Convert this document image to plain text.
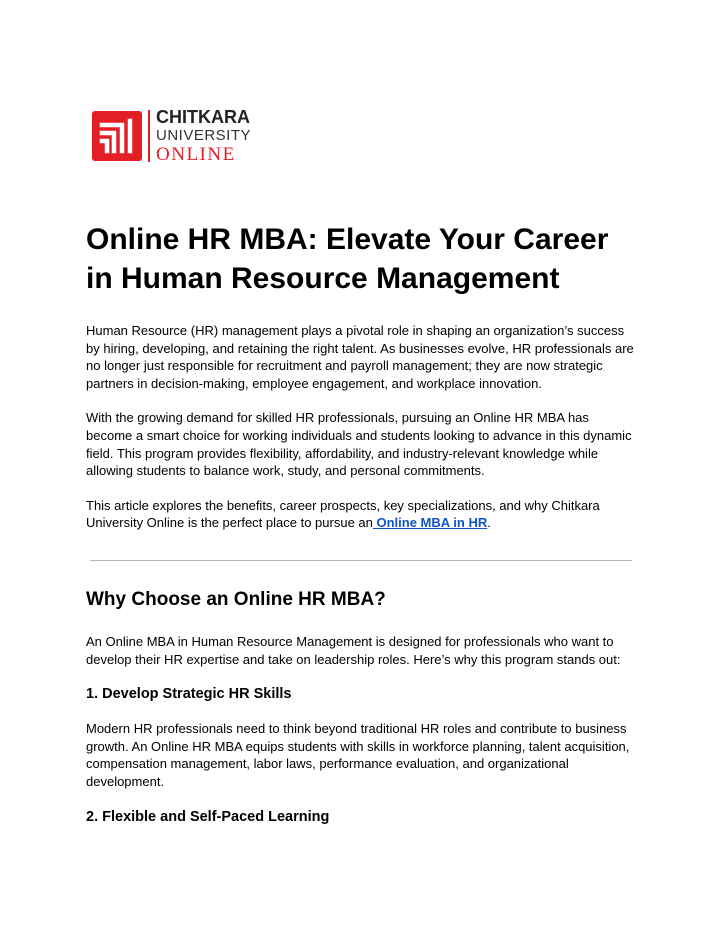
CHITKARA
UNIVERSITY
ONLINE
Online HR MBA: Elevate Your Career in Human Resource Management

Human Resource (HR) management plays a pivotal role in shaping an organization’s success by hiring, developing, and retaining the right talent. As businesses evolve, HR professionals are no longer just responsible for recruitment and payroll management; they are now strategic partners in decision-making, employee engagement, and workplace innovation.

With the growing demand for skilled HR professionals, pursuing an Online HR MBA has become a smart choice for working individuals and students looking to advance in this dynamic field. This program provides flexibility, affordability, and industry-relevant knowledge while allowing students to balance work, study, and personal commitments.

This article explores the benefits, career prospects, key specializations, and why Chitkara University Online is the perfect place to pursue an Online MBA in HR.

Why Choose an Online HR MBA?

An Online MBA in Human Resource Management is designed for professionals who want to develop their HR expertise and take on leadership roles. Here’s why this program stands out:

1. Develop Strategic HR Skills

Modern HR professionals need to think beyond traditional HR roles and contribute to business growth. An Online HR MBA equips students with skills in workforce planning, talent acquisition, compensation management, labor laws, performance evaluation, and organizational development.

2. Flexible and Self-Paced Learning
